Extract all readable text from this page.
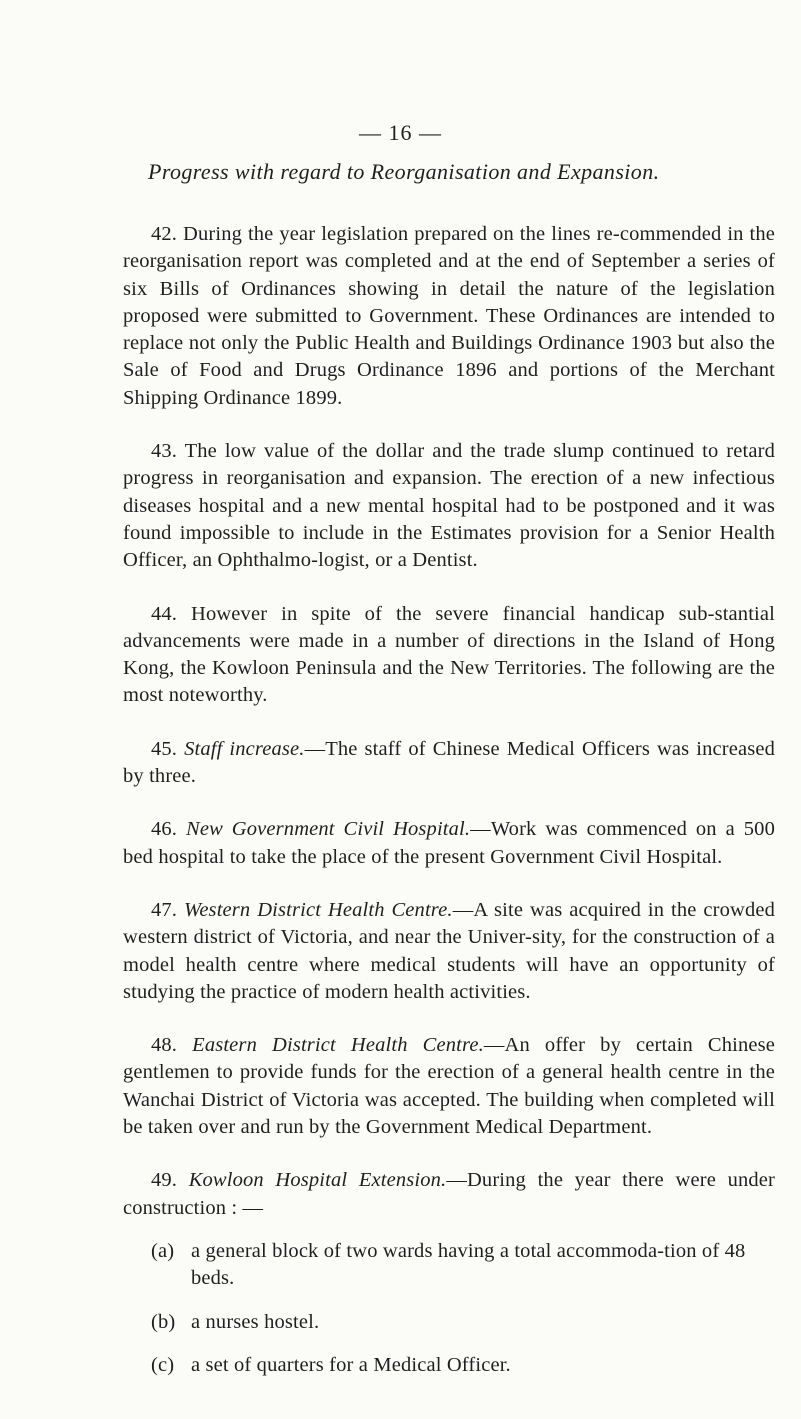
— 16 —
Progress with regard to Reorganisation and Expansion.

42. During the year legislation prepared on the lines re-commended in the reorganisation report was completed and at the end of September a series of six Bills of Ordinances showing in detail the nature of the legislation proposed were submitted to Government. These Ordinances are intended to replace not only the Public Health and Buildings Ordinance 1903 but also the Sale of Food and Drugs Ordinance 1896 and portions of the Merchant Shipping Ordinance 1899.

43. The low value of the dollar and the trade slump continued to retard progress in reorganisation and expansion. The erection of a new infectious diseases hospital and a new mental hospital had to be postponed and it was found impossible to include in the Estimates provision for a Senior Health Officer, an Ophthalmo-logist, or a Dentist.

44. However in spite of the severe financial handicap sub-stantial advancements were made in a number of directions in the Island of Hong Kong, the Kowloon Peninsula and the New Territories. The following are the most noteworthy.

45. Staff increase.—The staff of Chinese Medical Officers was increased by three.

46. New Government Civil Hospital.—Work was commenced on a 500 bed hospital to take the place of the present Government Civil Hospital.

47. Western District Health Centre.—A site was acquired in the crowded western district of Victoria, and near the Univer-sity, for the construction of a model health centre where medical students will have an opportunity of studying the practice of modern health activities.

48. Eastern District Health Centre.—An offer by certain Chinese gentlemen to provide funds for the erection of a general health centre in the Wanchai District of Victoria was accepted. The building when completed will be taken over and run by the Government Medical Department.

49. Kowloon Hospital Extension.—During the year there were under construction : —

(a) a general block of two wards having a total accommoda-tion of 48 beds.
(b) a nurses hostel.
(c) a set of quarters for a Medical Officer.
